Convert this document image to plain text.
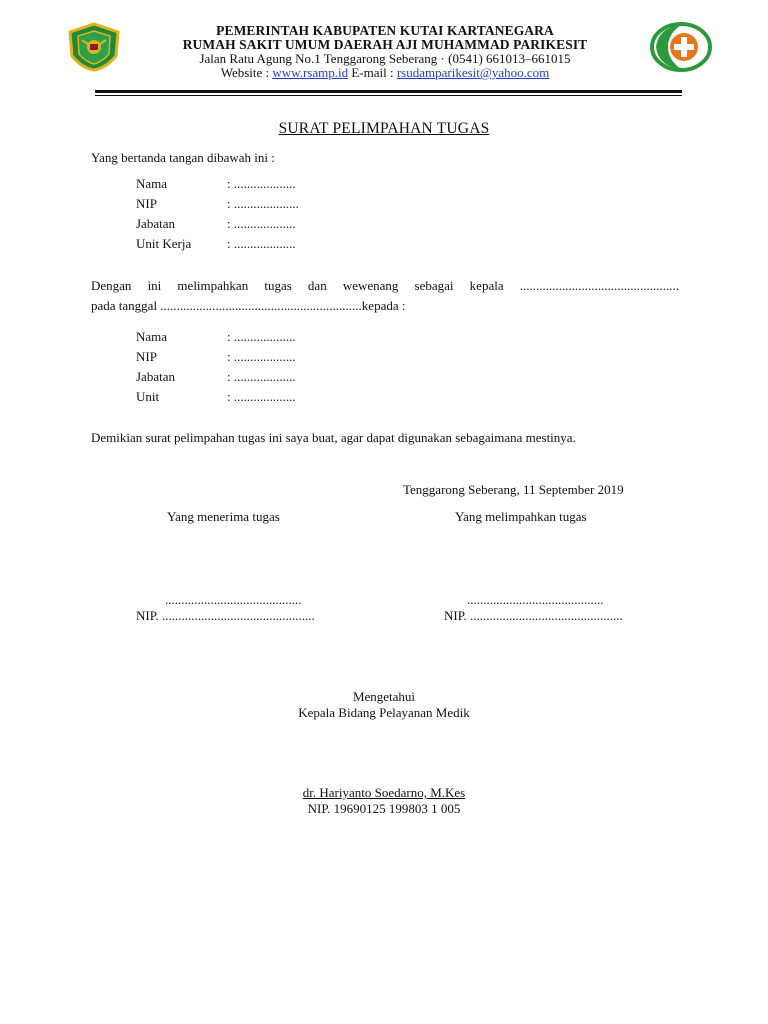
PEMERINTAH KABUPATEN KUTAI KARTANEGARA
RUMAH SAKIT UMUM DAERAH AJI MUHAMMAD PARIKESIT
Jalan Ratu Agung No.1 Tenggarong Seberang · (0541) 661013–661015
Website : www.rsamp.id E-mail : rsudamparikesit@yahoo.com
SURAT PELIMPAHAN TUGAS
Yang bertanda tangan dibawah ini :
Nama	: ...................
NIP	: ....................
Jabatan	: ...................
Unit Kerja	: ...................
Dengan ini melimpahkan tugas dan wewenang sebagai kepala .................................................
pada tanggal ..............................................................kepada :
Nama	: ...................
NIP	: ...................
Jabatan	: ...................
Unit	: ...................
Demikian surat pelimpahan tugas ini saya buat, agar dapat digunakan sebagaimana mestinya.
Tenggarong Seberang, 11 September 2019
Yang menerima tugas	Yang melimpahkan tugas
..........................................	..........................................
NIP. ...............................................	NIP. ...............................................
Mengetahui
Kepala Bidang Pelayanan Medik
dr. Hariyanto Soedarno, M.Kes
NIP. 19690125 199803 1 005
